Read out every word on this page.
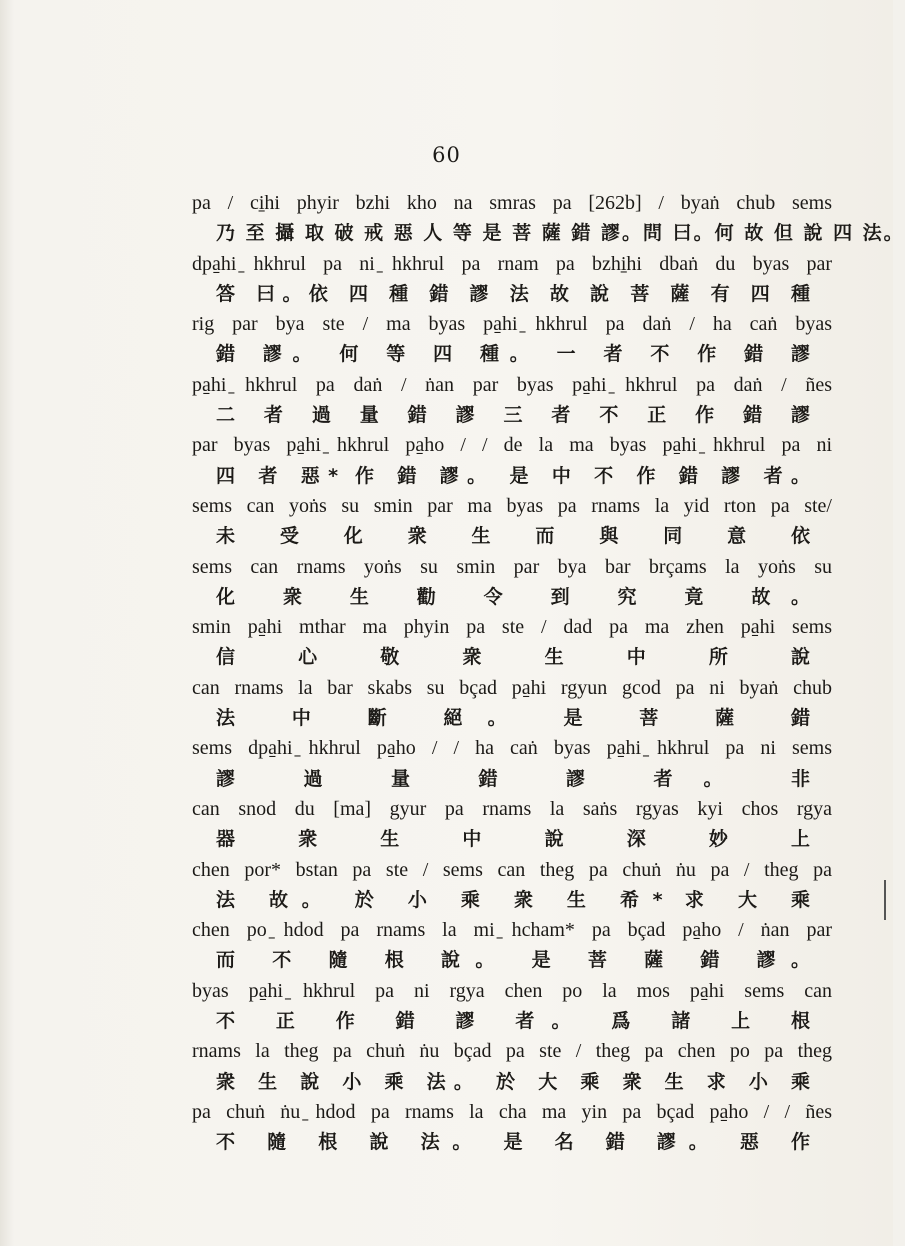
60
pa / ci̱hi phyir bzhi kho na smras pa [262b] / byaṅ chub sems
乃 至 攝 取 破 戒 惡 人 等 是 菩 薩 錯 謬。問 曰。何 故 但 說 四 法。
dpa̱hi ̱hkhrul pa ni ̱hkhrul pa rnam pa bzhi̱hi dbaṅ du byas par
答 曰。依 四 種 錯 謬 法 故 說 菩 薩 有 四 種
rig par bya ste / ma byas pa̱hi ̱hkhrul pa daṅ / ha caṅ byas
錯 謬。 何 等 四 種。 一 者 不 作 錯 謬
pa̱hi ̱hkhrul pa daṅ / ṅan par byas pa̱hi ̱hkhrul pa daṅ / ñes
二 者 過 量 錯 謬 三 者 不 正 作 錯 謬
par byas pa̱hi ̱hkhrul pa̱ho / / de la ma byas pa̱hi ̱hkhrul pa ni
四 者 惡* 作 錯 謬。 是 中 不 作 錯 謬 者。
sems can yoṅs su smin par ma byas pa rnams la yid rton pa ste/
未 受 化 衆 生 而 與 同 意 依
sems can rnams yoṅs su smin par bya bar brçams la yoṅs su
化 衆 生 勸 令 到 究 竟 故。
smin pa̱hi mthar ma phyin pa ste / dad pa ma zhen pa̱hi sems
信 心 敬 衆 生 中 所 說
can rnams la bar skabs su bçad pa̱hi rgyun gcod pa ni byaṅ chub
法 中 斷 絕。 是 菩 薩 錯
sems dpa̱hi ̱hkhrul pa̱ho / / ha caṅ byas pa̱hi ̱hkhrul pa ni sems
謬 過 量 錯 謬 者。 非
can snod du [ma] gyur pa rnams la saṅs rgyas kyi chos rgya
器 衆 生 中 說 深 妙 上
chen por* bstan pa ste / sems can theg pa chuṅ ṅu pa / theg pa
法 故。 於 小 乘 衆 生 希* 求 大 乘
chen po ̱hdod pa rnams la mi ̱hcham* pa bçad pa̱ho / ṅan par
而 不 隨 根 說。 是 菩 薩 錯 謬。
byas pa̱hi ̱hkhrul pa ni rgya chen po la mos pa̱hi sems can
不 正 作 錯 謬 者。 爲 諸 上 根
rnams la theg pa chuṅ ṅu bçad pa ste / theg pa chen po pa theg
衆 生 說 小 乘 法。 於 大 乘 衆 生 求 小 乘
pa chuṅ ṅu ̱hdod pa rnams la cha ma yin pa bçad pa̱ho / / ñes
不 隨 根 說 法。 是 名 錯 謬。 惡 作
